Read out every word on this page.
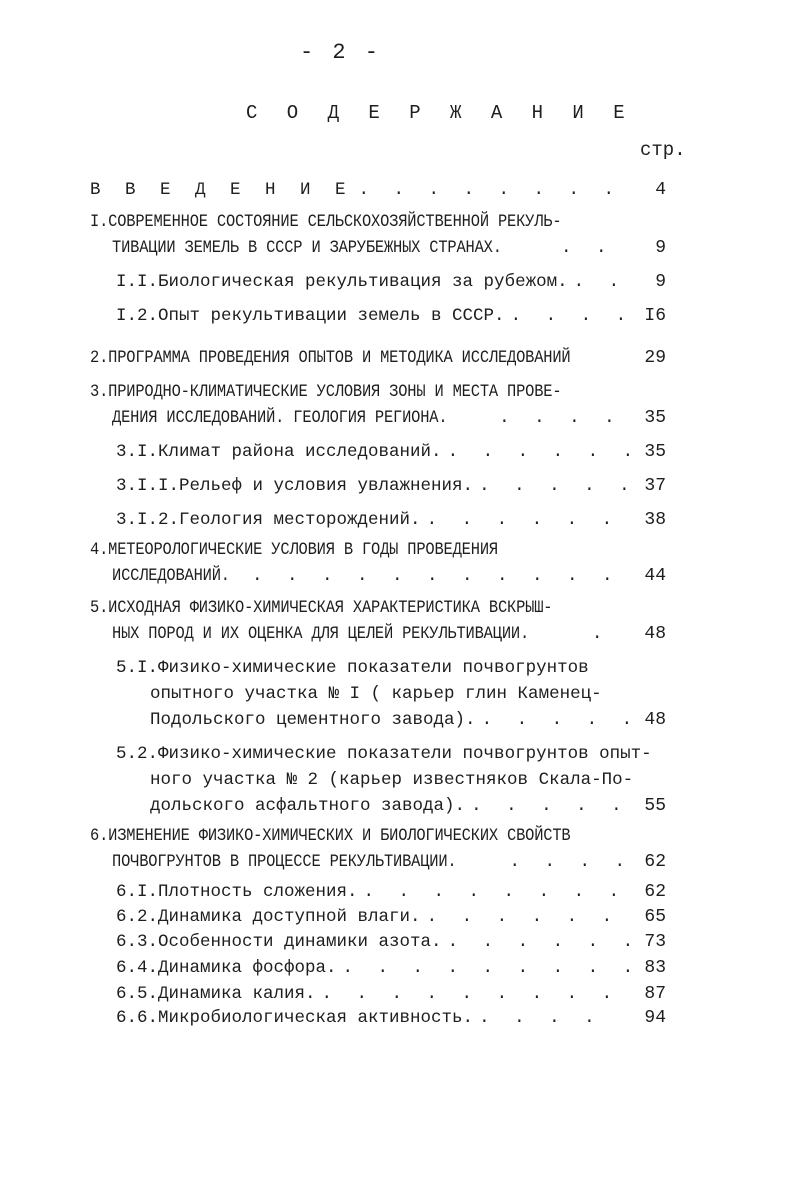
- 2 -
С О Д Е Р Ж А Н И Е
стр.
В В Е Д Е Н И Е . . .	4
I.СОВРЕМЕННОЕ СОСТОЯНИЕ СЕЛЬСКОХОЗЯЙСТВЕННОЙ РЕКУЛЬ-
ТИВАЦИИ ЗЕМЕЛЬ В СССР И ЗАРУБЕЖНЫХ СТРАНАХ. . . .	9
I.I.Биологическая рекультивация за рубежом. . . .	9
I.2.Опыт рекультивации земель в СССР. . . .	I6
2.ПРОГРАММА ПРОВЕДЕНИЯ ОПЫТОВ И МЕТОДИКА ИССЛЕДОВАНИЙ	29
3.ПРИРОДНО-КЛИМАТИЧЕСКИЕ УСЛОВИЯ ЗОНЫ И МЕСТА ПРОВЕ-
ДЕНИЯ ИССЛЕДОВАНИЙ. ГЕОЛОГИЯ РЕГИОНА. . . .	35
3.I.Климат района исследований. . . .	35
3.I.I.Рельеф и условия увлажнения. . . .	37
3.I.2.Геология месторождений. . . .	38
4.МЕТЕОРОЛОГИЧЕСКИЕ УСЛОВИЯ В ГОДЫ ПРОВЕДЕНИЯ
ИССЛЕДОВАНИЙ. . . .	44
5.ИСХОДНАЯ ФИЗИКО-ХИМИЧЕСКАЯ ХАРАКТЕРИСТИКА ВСКРЫШ-
НЫХ ПОРОД И ИХ ОЦЕНКА ДЛЯ ЦЕЛЕЙ РЕКУЛЬТИВАЦИИ. . . .	48
5.I.Физико-химические показатели почвогрунтов
опытного участка № I ( карьер глин Каменец-
Подольского цементного завода). . . .	48
5.2.Физико-химические показатели почвогрунтов опыт-
ного участка № 2 (карьер известняков Скала-По-
дольского асфальтного завода). . . .	55
6.ИЗМЕНЕНИЕ ФИЗИКО-ХИМИЧЕСКИХ И БИОЛОГИЧЕСКИХ СВОЙСТВ
ПОЧВОГРУНТОВ В ПРОЦЕССЕ РЕКУЛЬТИВАЦИИ. . . .	62
6.I.Плотность сложения. . . .	62
6.2.Динамика доступной влаги. . . .	65
6.3.Особенности динамики азота. . . .	73
6.4.Динамика фосфора. . . .	83
6.5.Динамика калия. . . .	87
6.6.Микробиологическая активность. . . .	94
